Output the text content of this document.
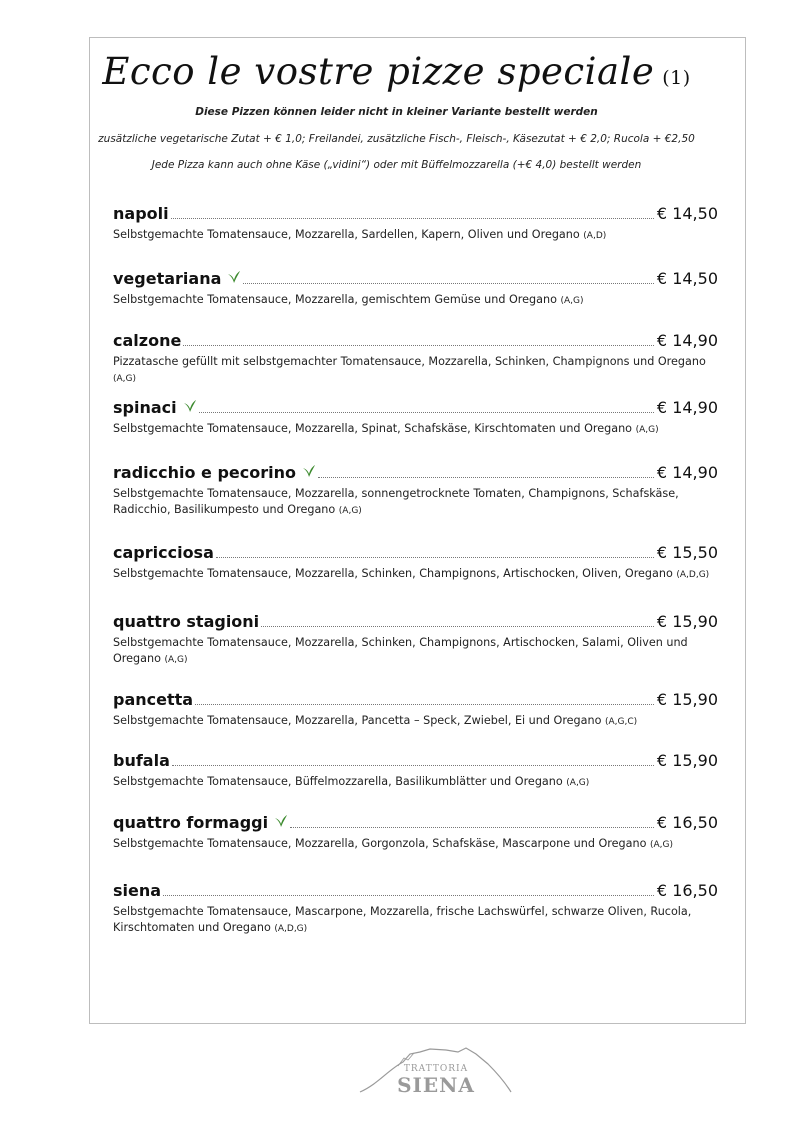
Ecco le vostre pizze speciale (1)
Diese Pizzen können leider nicht in kleiner Variante bestellt werden
zusätzliche vegetarische Zutat + € 1,0; Freilandei, zusätzliche Fisch-, Fleisch-, Käsezutat + € 2,0; Rucola + €2,50
Jede Pizza kann auch ohne Käse („vidini“) oder mit Büffelmozzarella (+€ 4,0) bestellt werden
napoli	€ 14,50
Selbstgemachte Tomatensauce, Mozzarella, Sardellen, Kapern, Oliven und Oregano (A,D)
vegetariana	€ 14,50
Selbstgemachte Tomatensauce, Mozzarella, gemischtem Gemüse und Oregano (A,G)
calzone	€ 14,90
Pizzatasche gefüllt mit selbstgemachter Tomatensauce, Mozzarella, Schinken, Champignons und Oregano (A,G)
spinaci	€ 14,90
Selbstgemachte Tomatensauce, Mozzarella, Spinat, Schafskäse, Kirschtomaten und Oregano (A,G)
radicchio e pecorino	€ 14,90
Selbstgemachte Tomatensauce, Mozzarella, sonnengetrocknete Tomaten, Champignons, Schafskäse, Radicchio, Basilikumpesto und Oregano (A,G)
capricciosa	€ 15,50
Selbstgemachte Tomatensauce, Mozzarella, Schinken, Champignons, Artischocken, Oliven, Oregano (A,D,G)
quattro stagioni	€ 15,90
Selbstgemachte Tomatensauce, Mozzarella, Schinken, Champignons, Artischocken, Salami, Oliven und Oregano (A,G)
pancetta	€ 15,90
Selbstgemachte Tomatensauce, Mozzarella, Pancetta – Speck, Zwiebel, Ei und Oregano (A,G,C)
bufala	€ 15,90
Selbstgemachte Tomatensauce, Büffelmozzarella, Basilikumblätter und Oregano (A,G)
quattro formaggi	€ 16,50
Selbstgemachte Tomatensauce, Mozzarella, Gorgonzola, Schafskäse, Mascarpone und Oregano (A,G)
siena	€ 16,50
Selbstgemachte Tomatensauce, Mascarpone, Mozzarella, frische Lachswürfel, schwarze Oliven, Rucola, Kirschtomaten und Oregano (A,D,G)
TRATTORIA
SIENA
